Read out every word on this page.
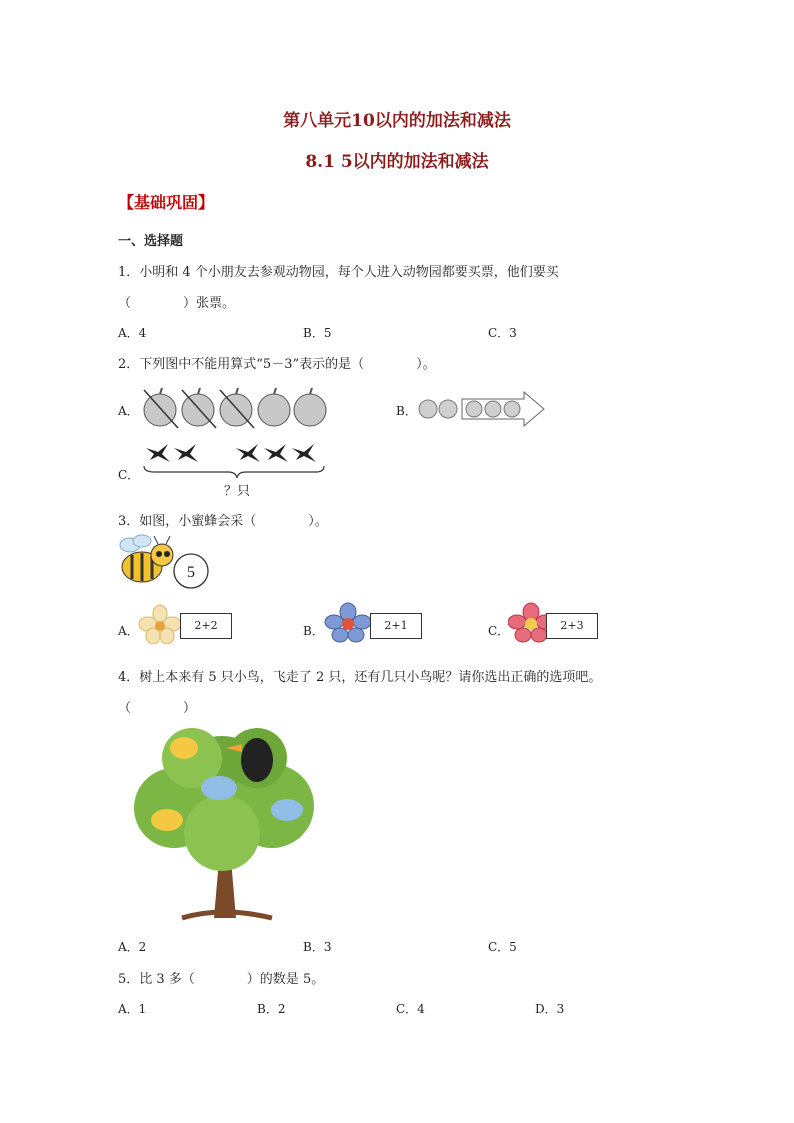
第八单元10以内的加法和减法
8.1 5以内的加法和减法
【基础巩固】
一、选择题
1．小明和 4 个小朋友去参观动物园，每个人进入动物园都要买票，他们要买
（　　　　）张票。
A．4	B．5	C．3
2．下列图中不能用算式“5－3”表示的是（　　　　）。
A．	B．
C．
？只
3．如图，小蜜蜂会采（　　　　）。
5
A．	2+2	B．	2+1	C．	2+3
4．树上本来有 5 只小鸟，飞走了 2 只，还有几只小鸟呢？请你选出正确的选项吧。
（　　　　）
A．2	B．3	C．5
5．比 3 多（　　　　）的数是 5。
A．1	B．2	C．4	D．3
